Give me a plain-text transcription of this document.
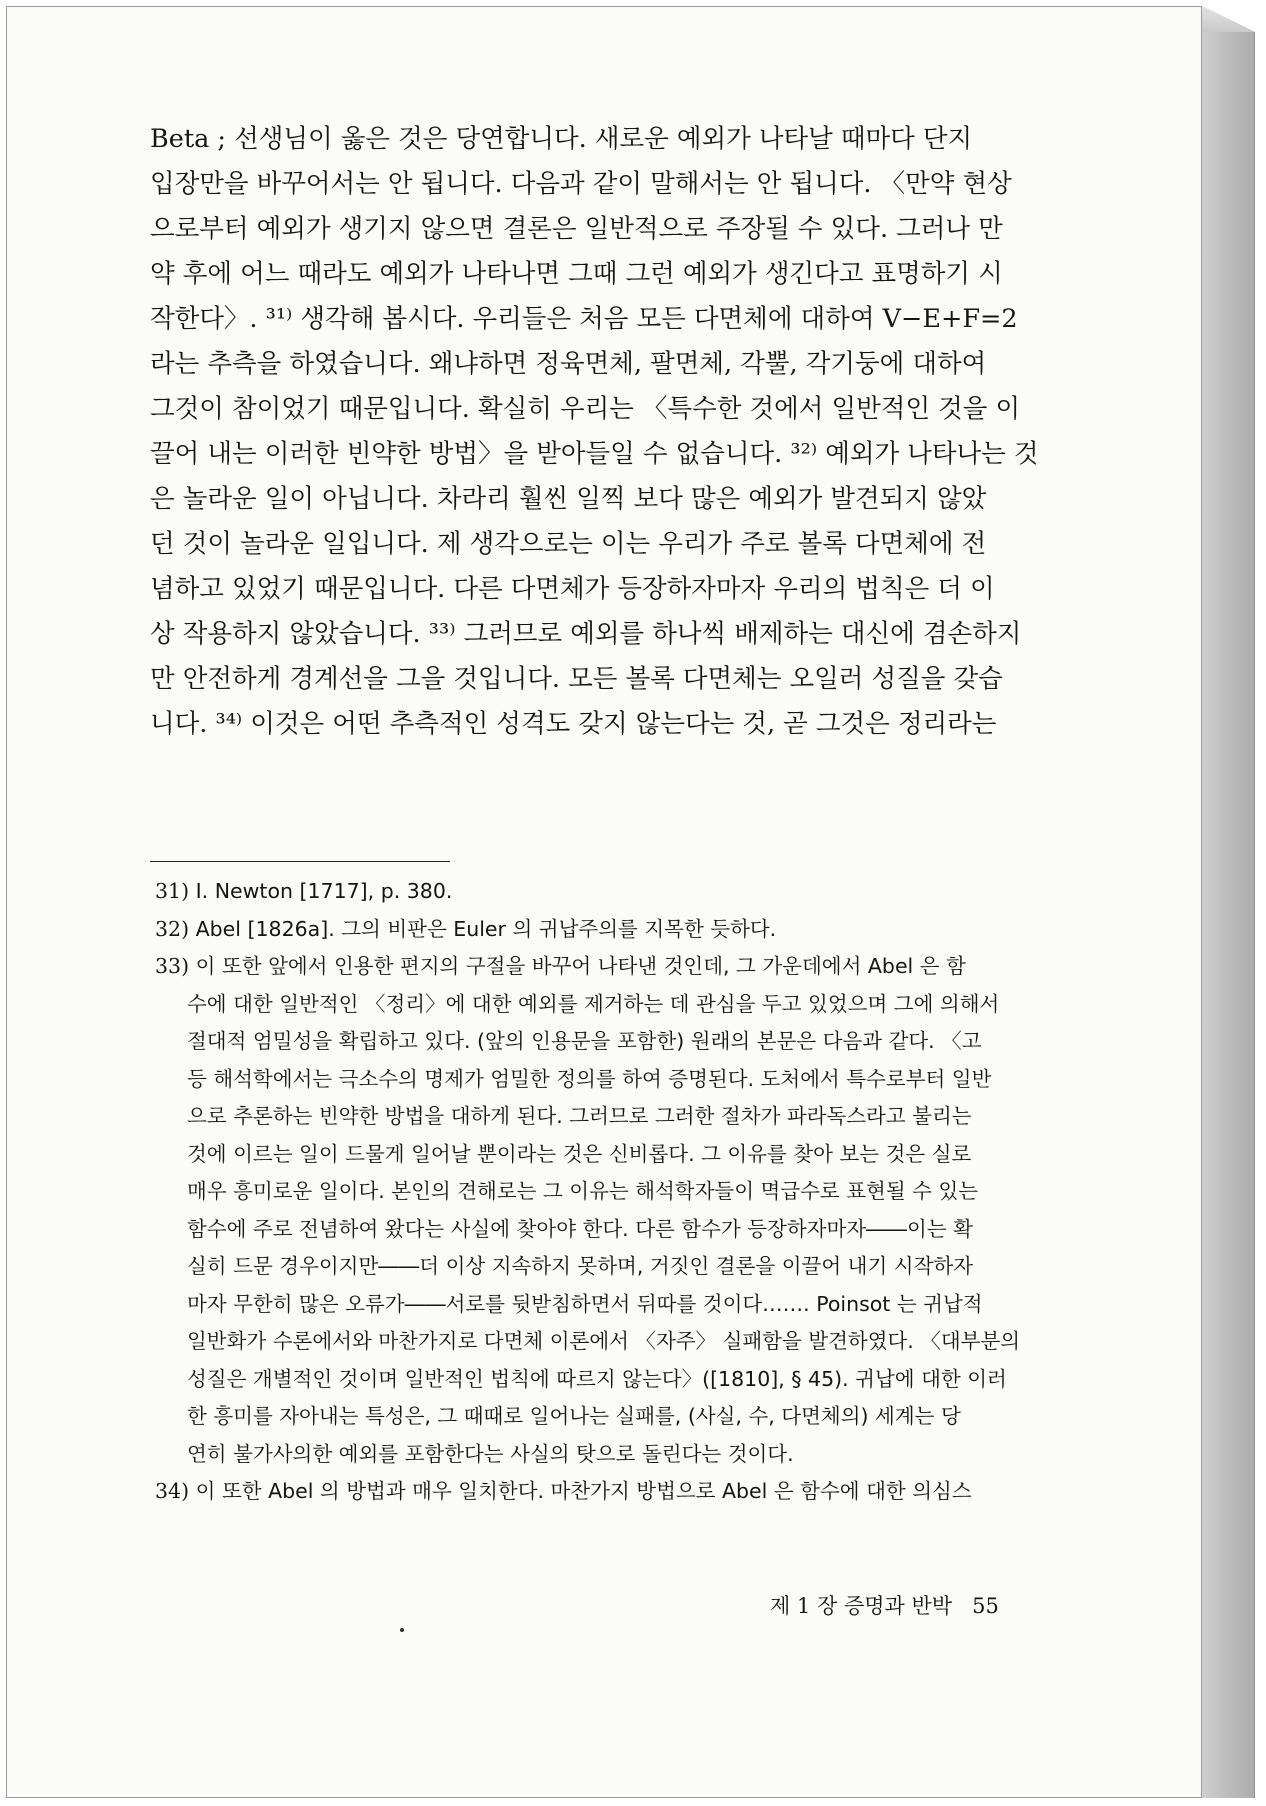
Beta ; 선생님이 옳은 것은 당연합니다. 새로운 예외가 나타날 때마다 단지
입장만을 바꾸어서는 안 됩니다. 다음과 같이 말해서는 안 됩니다. 〈만약 현상
으로부터 예외가 생기지 않으면 결론은 일반적으로 주장될 수 있다. 그러나 만
약 후에 어느 때라도 예외가 나타나면 그때 그런 예외가 생긴다고 표명하기 시
작한다〉. ³¹⁾ 생각해 봅시다. 우리들은 처음 모든 다면체에 대하여 V−E+F=2
라는 추측을 하였습니다. 왜냐하면 정육면체, 팔면체, 각뿔, 각기둥에 대하여
그것이 참이었기 때문입니다. 확실히 우리는 〈특수한 것에서 일반적인 것을 이
끌어 내는 이러한 빈약한 방법〉을 받아들일 수 없습니다. ³²⁾ 예외가 나타나는 것
은 놀라운 일이 아닙니다. 차라리 훨씬 일찍 보다 많은 예외가 발견되지 않았
던 것이 놀라운 일입니다. 제 생각으로는 이는 우리가 주로 볼록 다면체에 전
념하고 있었기 때문입니다. 다른 다면체가 등장하자마자 우리의 법칙은 더 이
상 작용하지 않았습니다. ³³⁾ 그러므로 예외를 하나씩 배제하는 대신에 겸손하지
만 안전하게 경계선을 그을 것입니다. 모든 볼록 다면체는 오일러 성질을 갖습
니다. ³⁴⁾ 이것은 어떤 추측적인 성격도 갖지 않는다는 것, 곧 그것은 정리라는
31) I. Newton [1717], p. 380.
32) Abel [1826a]. 그의 비판은 Euler 의 귀납주의를 지목한 듯하다.
33) 이 또한 앞에서 인용한 편지의 구절을 바꾸어 나타낸 것인데, 그 가운데에서 Abel 은 함
수에 대한 일반적인 〈정리〉에 대한 예외를 제거하는 데 관심을 두고 있었으며 그에 의해서
절대적 엄밀성을 확립하고 있다. (앞의 인용문을 포함한) 원래의 본문은 다음과 같다. 〈고
등 해석학에서는 극소수의 명제가 엄밀한 정의를 하여 증명된다. 도처에서 특수로부터 일반
으로 추론하는 빈약한 방법을 대하게 된다. 그러므로 그러한 절차가 파라독스라고 불리는
것에 이르는 일이 드물게 일어날 뿐이라는 것은 신비롭다. 그 이유를 찾아 보는 것은 실로
매우 흥미로운 일이다. 본인의 견해로는 그 이유는 해석학자들이 멱급수로 표현될 수 있는
함수에 주로 전념하여 왔다는 사실에 찾아야 한다. 다른 함수가 등장하자마자――이는 확
실히 드문 경우이지만――더 이상 지속하지 못하며, 거짓인 결론을 이끌어 내기 시작하자
마자 무한히 많은 오류가――서로를 뒷받침하면서 뒤따를 것이다……. Poinsot 는 귀납적
일반화가 수론에서와 마찬가지로 다면체 이론에서 〈자주〉 실패함을 발견하였다. 〈대부분의
성질은 개별적인 것이며 일반적인 법칙에 따르지 않는다〉([1810], § 45). 귀납에 대한 이러
한 흥미를 자아내는 특성은, 그 때때로 일어나는 실패를, (사실, 수, 다면체의) 세계는 당
연히 불가사의한 예외를 포함한다는 사실의 탓으로 돌린다는 것이다.
34) 이 또한 Abel 의 방법과 매우 일치한다. 마찬가지 방법으로 Abel 은 함수에 대한 의심스
제 1 장 증명과 반박 55
